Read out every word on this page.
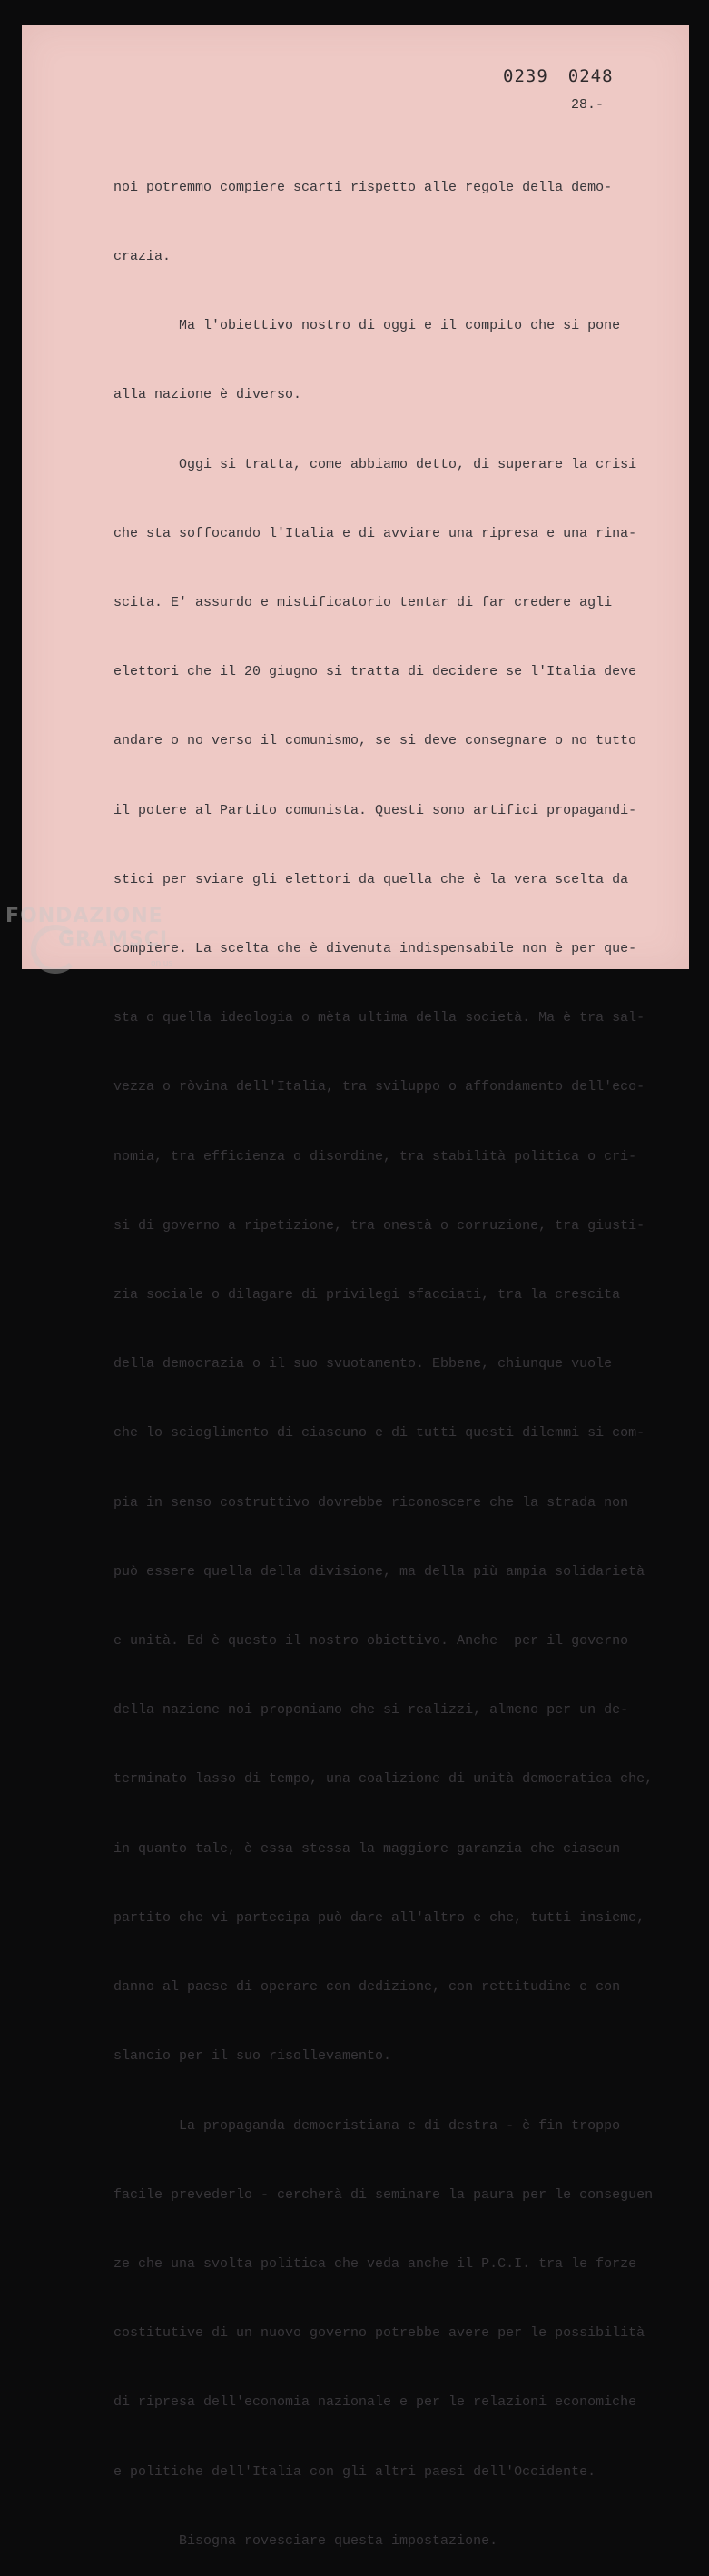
0239 0248
28.-

noi potremmo compiere scarti rispetto alle regole della demo-

crazia.

Ma l'obiettivo nostro di oggi e il compito che si pone

alla nazione è diverso.

Oggi si tratta, come abbiamo detto, di superare la crisi

che sta soffocando l'Italia e di avviare una ripresa e una rina-

scita. E' assurdo e mistificatorio tentar di far credere agli

elettori che il 20 giugno si tratta di decidere se l'Italia deve

andare o no verso il comunismo, se si deve consegnare o no tutto

il potere al Partito comunista. Questi sono artifici propagandi-

stici per sviare gli elettori da quella che è la vera scelta da

compiere. La scelta che è divenuta indispensabile non è per que-

sta o quella ideologia o mèta ultima della società. Ma è tra sal-

vezza o ròvina dell'Italia, tra sviluppo o affondamento dell'eco-

nomia, tra efficienza o disordine, tra stabilità politica o cri-

si di governo a ripetizione, tra onestà o corruzione, tra giusti-

zia sociale o dilagare di privilegi sfacciati, tra la crescita

della democrazia o il suo svuotamento. Ebbene, chiunque vuole

che lo scioglimento di ciascuno e di tutti questi dilemmi si com-

pia in senso costruttivo dovrebbe riconoscere che la strada non

può essere quella della divisione, ma della più ampia solidarietà

e unità. Ed è questo il nostro obiettivo. Anche  per il governo

della nazione noi proponiamo che si realizzi, almeno per un de-

terminato lasso di tempo, una coalizione di unità democratica che,

in quanto tale, è essa stessa la maggiore garanzia che ciascun

partito che vi partecipa può dare all'altro e che, tutti insieme,

danno al paese di operare con dedizione, con rettitudine e con

slancio per il suo risollevamento.

La propaganda democristiana e di destra - è fin troppo

facile prevederlo - cercherà di seminare la paura per le conseguen

ze che una svolta politica che veda anche il P.C.I. tra le forze

costitutive di un nuovo governo potrebbe avere per le possibilità

di ripresa dell'economia nazionale e per le relazioni economiche

e politiche dell'Italia con gli altri paesi dell'Occidente.

Bisogna rovesciare questa impostazione.

FONDAZIONE
GRAMSCI
onlus
